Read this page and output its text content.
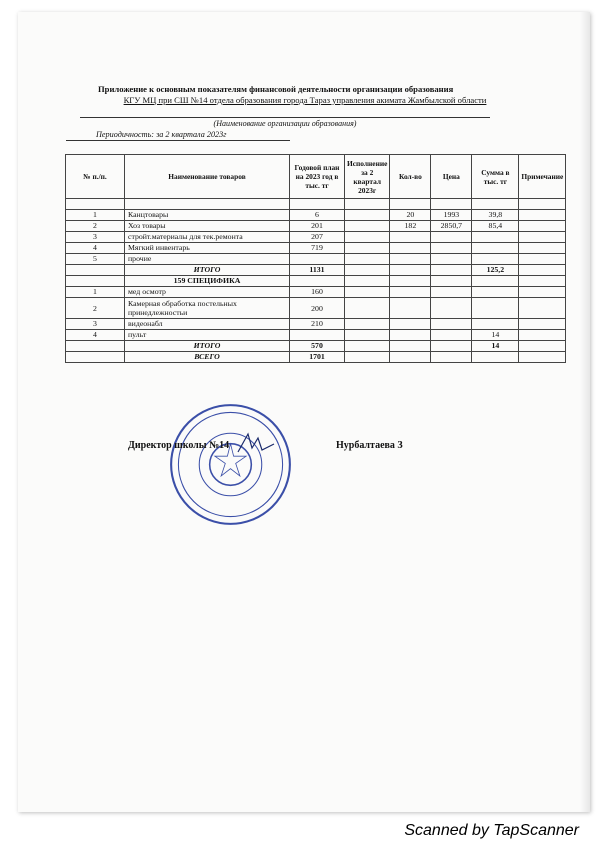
Приложение к основным показателям финансовой деятельности организации образования
КГУ МЦ при СШ №14 отдела образования города Тараз управления акимата Жамбылской области
(Наименование организации образования)
Периодичность: за 2 квартала 2023г
№ п./п.	Наименование товаров	Годовой план на 2023 год в тыс. тг	Исполнение за 2 квартал 2023г	Кол-во	Цена	Сумма в тыс. тг	Примечание

1	Канцтовары	6		20	1993	39,8	
2	Хоз товары	201		182	2850,7	85,4	
3	стройт.материалы для тек.ремонта	207					
4	Мягкий инвентарь	719					
5	прочие						
	ИТОГО	1131				125,2	
	159 СПЕЦИФИКА						
1	мед осмотр	160					
2	Камерная обработка постельных принедлежностьи	200					
3	видеонабл	210					
4	пульт					14	
	ИТОГО	570				14	
	ВСЕГО	1701					
Директор школы №14	Нурбалтаева З
Scanned by TapScanner
